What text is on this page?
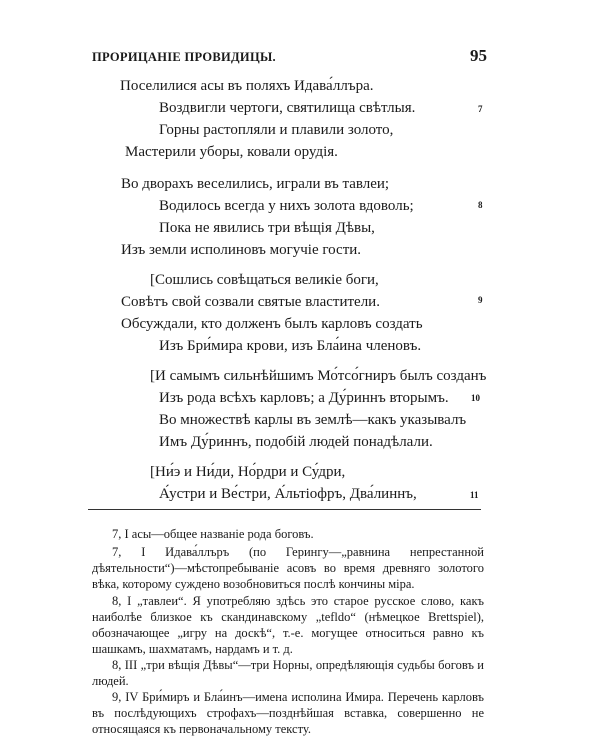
ПРОРИЦАНIЕ ПРОВИДИЦЫ.	95
Поселилися асы въ поляхъ Идава́ллъра.
Воздвигли чертоги, святилища свѣтлыя.	7
Горны растопляли и плавили золото,
Мастерили уборы, ковали орудiя.
Во дворахъ веселились, играли въ тавлеи;
Водилось всегда у нихъ золота вдоволь;	8
Пока не явились три вѣщiя Дѣвы,
Изъ земли исполиновъ могучiе гости.
[Сошлись совѣщаться великiе боги,
Совѣтъ свой созвали святые властители.	9
Обсуждали, кто долженъ былъ карловъ создать
Изъ Бри́мира крови, изъ Бла́ина членовъ.
[И самымъ сильнѣйшимъ Мо́тсо́гниръ былъ созданъ
Изъ рода всѣхъ карловъ; а Ду́риннъ вторымъ. 10
Во множествѣ карлы въ землѣ—какъ указывалъ
Имъ Ду́риннъ, подобiй людей понадѣлали.
[Ни́э и Ни́ди, Но́рдри и Су́дри,
А́устри и Ве́стри, А́льтiофръ, Два́линнъ,	11
7, I асы—общее названiе рода боговъ.
7, I Идава́ллъръ (по Герингу—„равнина непрестанной дѣятельности“)—мѣстопребыванiе асовъ во время древняго золотого вѣка, которому суждено возобновиться послѣ кончины мiра.
8, I „тавлеи“. Я употребляю здѣсь это старое русское слово, какъ наиболѣе близкое къ скандинавскому „tefldo“ (нѣмецкое Brettspiel), обозначающее „игру на доскѣ“, т.-е. могущее относиться равно къ шашкамъ, шахматамъ, нардамъ и т. д.
8, III „три вѣщiя Дѣвы“—три Норны, опредѣляющiя судьбы боговъ и людей.
9, IV Бри́миръ и Бла́инъ—имена исполина Имира. Перечень карловъ въ послѣдующихъ строфахъ—позднѣйшая вставка, совершенно не относящаяся къ первоначальному тексту.
